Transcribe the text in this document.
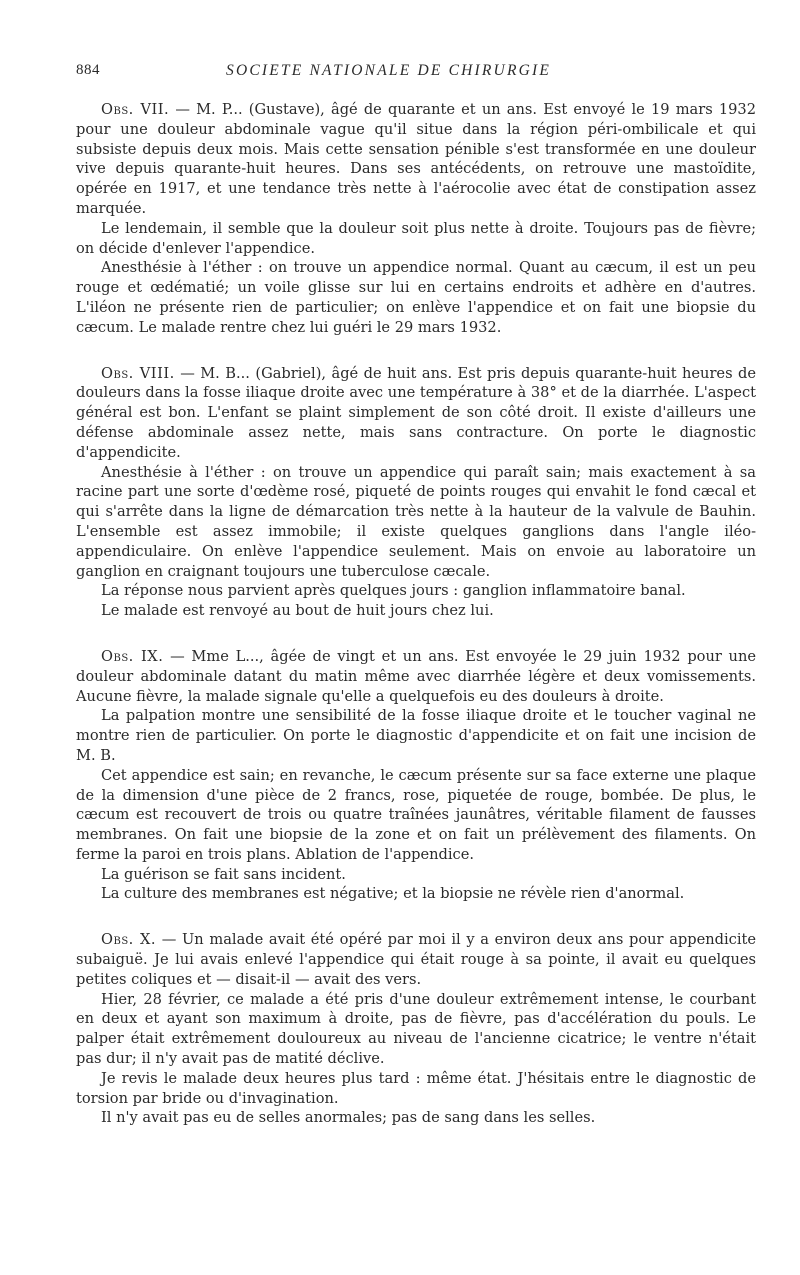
884	SOCIETE NATIONALE DE CHIRURGIE

Obs. VII. — M. P... (Gustave), âgé de quarante et un ans. Est envoyé le 19 mars 1932 pour une douleur abdominale vague qu'il situe dans la région péri-ombilicale et qui subsiste depuis deux mois. Mais cette sensation pénible s'est transformée en une douleur vive depuis quarante-huit heures. Dans ses antécédents, on retrouve une mastoïdite, opérée en 1917, et une tendance très nette à l'aérocolie avec état de constipation assez marquée.

Le lendemain, il semble que la douleur soit plus nette à droite. Toujours pas de fièvre; on décide d'enlever l'appendice.

Anesthésie à l'éther : on trouve un appendice normal. Quant au cæcum, il est un peu rouge et œdématié; un voile glisse sur lui en certains endroits et adhère en d'autres. L'iléon ne présente rien de particulier; on enlève l'appendice et on fait une biopsie du cæcum. Le malade rentre chez lui guéri le 29 mars 1932.

Obs. VIII. — M. B... (Gabriel), âgé de huit ans. Est pris depuis quarante-huit heures de douleurs dans la fosse iliaque droite avec une température à 38° et de la diarrhée. L'aspect général est bon. L'enfant se plaint simplement de son côté droit. Il existe d'ailleurs une défense abdominale assez nette, mais sans contracture. On porte le diagnostic d'appendicite.

Anesthésie à l'éther : on trouve un appendice qui paraît sain; mais exactement à sa racine part une sorte d'œdème rosé, piqueté de points rouges qui envahit le fond cæcal et qui s'arrête dans la ligne de démarcation très nette à la hauteur de la valvule de Bauhin. L'ensemble est assez immobile; il existe quelques ganglions dans l'angle iléo-appendiculaire. On enlève l'appendice seulement. Mais on envoie au laboratoire un ganglion en craignant toujours une tuberculose cæcale.

La réponse nous parvient après quelques jours : ganglion inflammatoire banal.

Le malade est renvoyé au bout de huit jours chez lui.

Obs. IX. — Mme L..., âgée de vingt et un ans. Est envoyée le 29 juin 1932 pour une douleur abdominale datant du matin même avec diarrhée légère et deux vomissements. Aucune fièvre, la malade signale qu'elle a quelquefois eu des douleurs à droite.

La palpation montre une sensibilité de la fosse iliaque droite et le toucher vaginal ne montre rien de particulier. On porte le diagnostic d'appendicite et on fait une incision de M. B.

Cet appendice est sain; en revanche, le cæcum présente sur sa face externe une plaque de la dimension d'une pièce de 2 francs, rose, piquetée de rouge, bombée. De plus, le cæcum est recouvert de trois ou quatre traînées jaunâtres, véritable filament de fausses membranes. On fait une biopsie de la zone et on fait un prélèvement des filaments. On ferme la paroi en trois plans. Ablation de l'appendice.

La guérison se fait sans incident.

La culture des membranes est négative; et la biopsie ne révèle rien d'anormal.

Obs. X. — Un malade avait été opéré par moi il y a environ deux ans pour appendicite subaiguë. Je lui avais enlevé l'appendice qui était rouge à sa pointe, il avait eu quelques petites coliques et — disait-il — avait des vers.

Hier, 28 février, ce malade a été pris d'une douleur extrêmement intense, le courbant en deux et ayant son maximum à droite, pas de fièvre, pas d'accélération du pouls. Le palper était extrêmement douloureux au niveau de l'ancienne cicatrice; le ventre n'était pas dur; il n'y avait pas de matité déclive.

Je revis le malade deux heures plus tard : même état. J'hésitais entre le diagnostic de torsion par bride ou d'invagination.

Il n'y avait pas eu de selles anormales; pas de sang dans les selles.
